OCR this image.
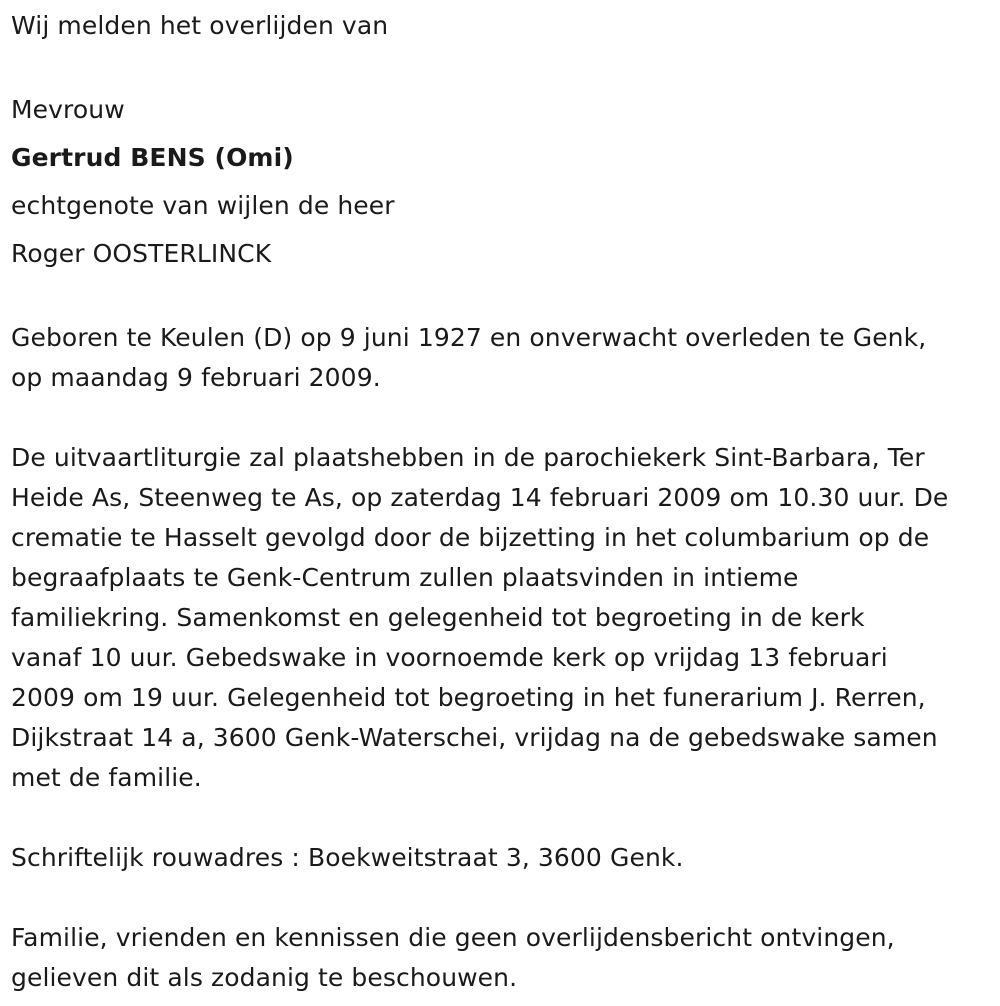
Wij melden het overlijden van
Mevrouw
Gertrud BENS (Omi)
echtgenote van wijlen de heer
Roger OOSTERLINCK
Geboren te Keulen (D) op 9 juni 1927 en onverwacht overleden te Genk,
op maandag 9 februari 2009.
De uitvaartliturgie zal plaatshebben in de parochiekerk Sint-Barbara, Ter
Heide As, Steenweg te As, op zaterdag 14 februari 2009 om 10.30 uur. De
crematie te Hasselt gevolgd door de bijzetting in het columbarium op de
begraafplaats te Genk-Centrum zullen plaatsvinden in intieme
familiekring. Samenkomst en gelegenheid tot begroeting in de kerk
vanaf 10 uur. Gebedswake in voornoemde kerk op vrijdag 13 februari
2009 om 19 uur. Gelegenheid tot begroeting in het funerarium J. Rerren,
Dijkstraat 14 a, 3600 Genk-Waterschei, vrijdag na de gebedswake samen
met de familie.
Schriftelijk rouwadres : Boekweitstraat 3, 3600 Genk.
Familie, vrienden en kennissen die geen overlijdensbericht ontvingen,
gelieven dit als zodanig te beschouwen.
